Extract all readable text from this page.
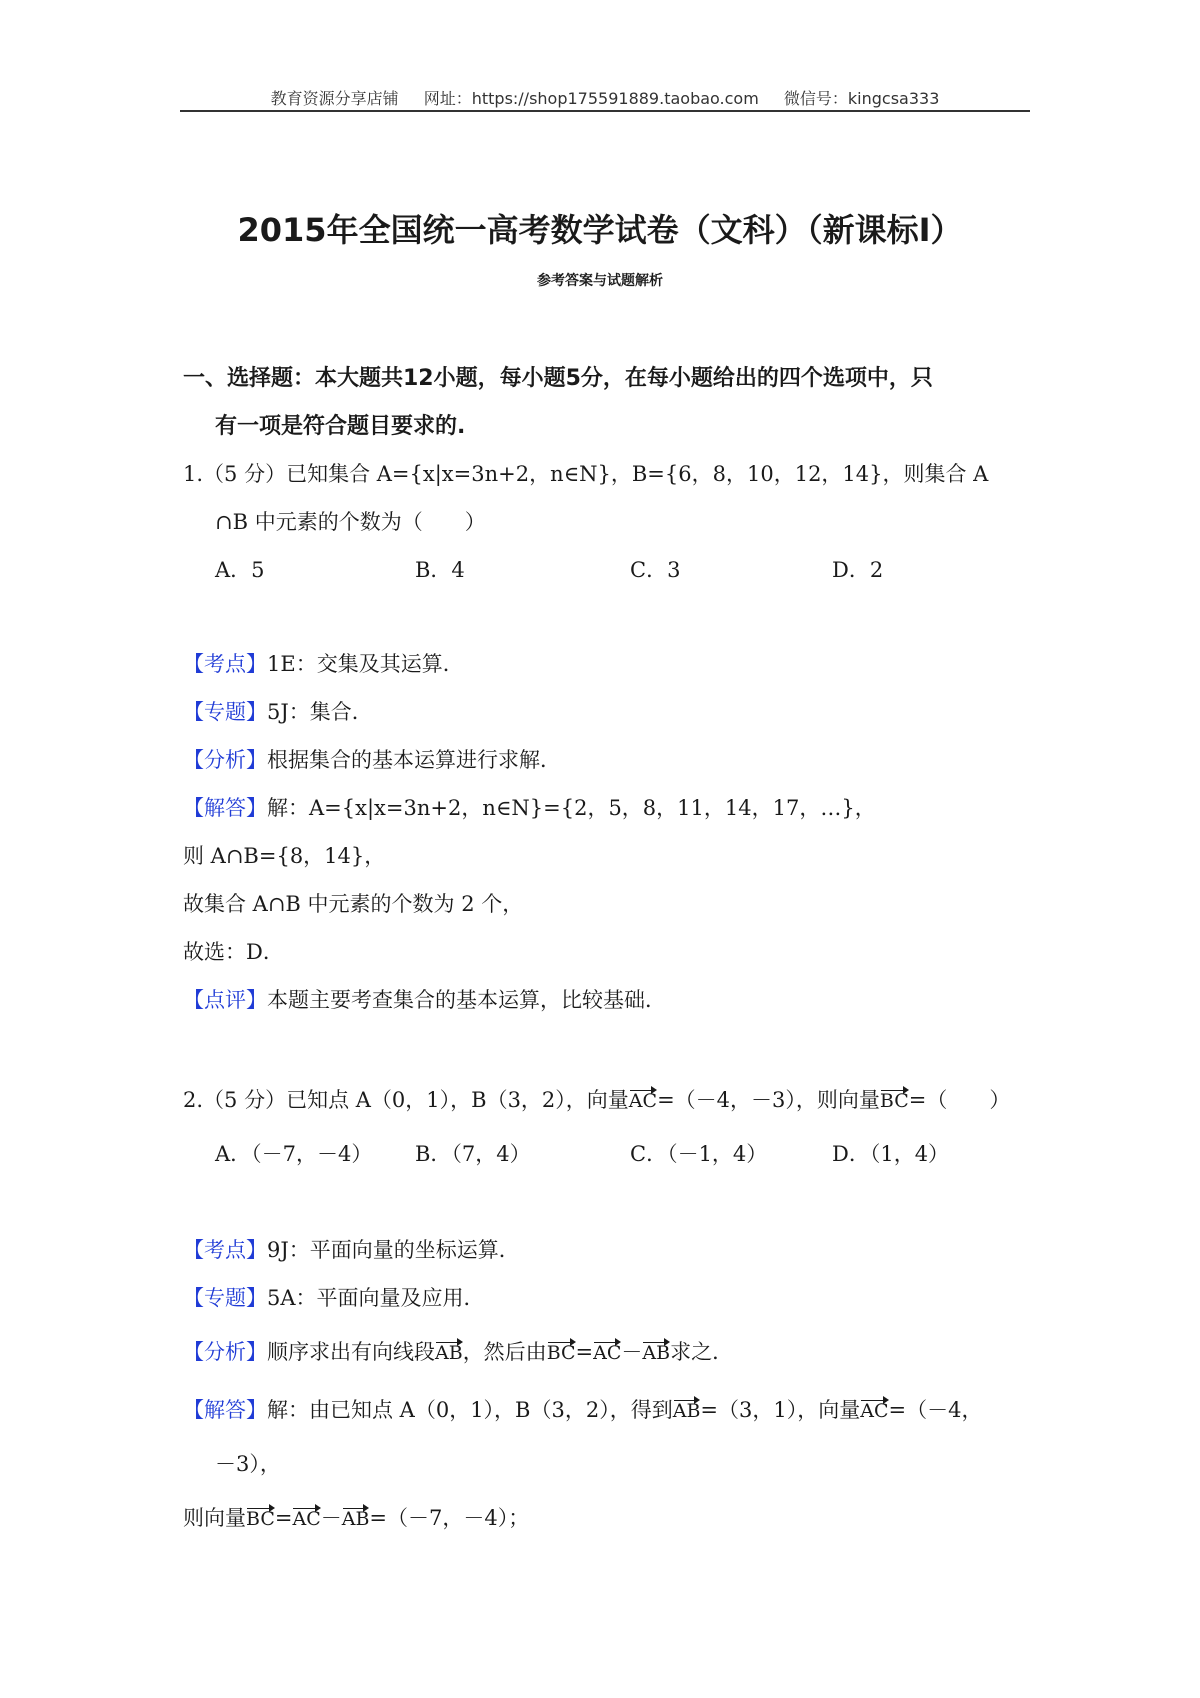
教育资源分享店铺 网址：https://shop175591889.taobao.com 微信号：kingcsa333
2015年全国统一高考数学试卷（文科）（新课标Ⅰ）
参考答案与试题解析
一、选择题：本大题共12小题，每小题5分，在每小题给出的四个选项中，只
有一项是符合题目要求的.
1.（5 分）已知集合 A={x|x=3n+2，n∈N}，B={6，8，10，12，14}，则集合 A
∩B 中元素的个数为（　　）
A．5	B．4	C．3	D．2
【考点】1E：交集及其运算．
【专题】5J：集合．
【分析】根据集合的基本运算进行求解．
【解答】解：A={x|x=3n+2，n∈N}={2，5，8，11，14，17，…}，
则 A∩B={8，14}，
故集合 A∩B 中元素的个数为 2 个，
故选：D．
【点评】本题主要考查集合的基本运算，比较基础．
2.（5 分）已知点 A（0，1），B（3，2），向量AC=（－4，－3），则向量BC=（　　）
A．（－7，－4） B．（7，4）	C．（－1，4）	D．（1，4）
【考点】9J：平面向量的坐标运算．
【专题】5A：平面向量及应用．
【分析】顺序求出有向线段AB，然后由BC=AC－AB求之．
【解答】解：由已知点 A（0，1），B（3，2），得到AB=（3，1），向量AC=（－4，
－3），
则向量BC=AC－AB=（－7，－4）；
